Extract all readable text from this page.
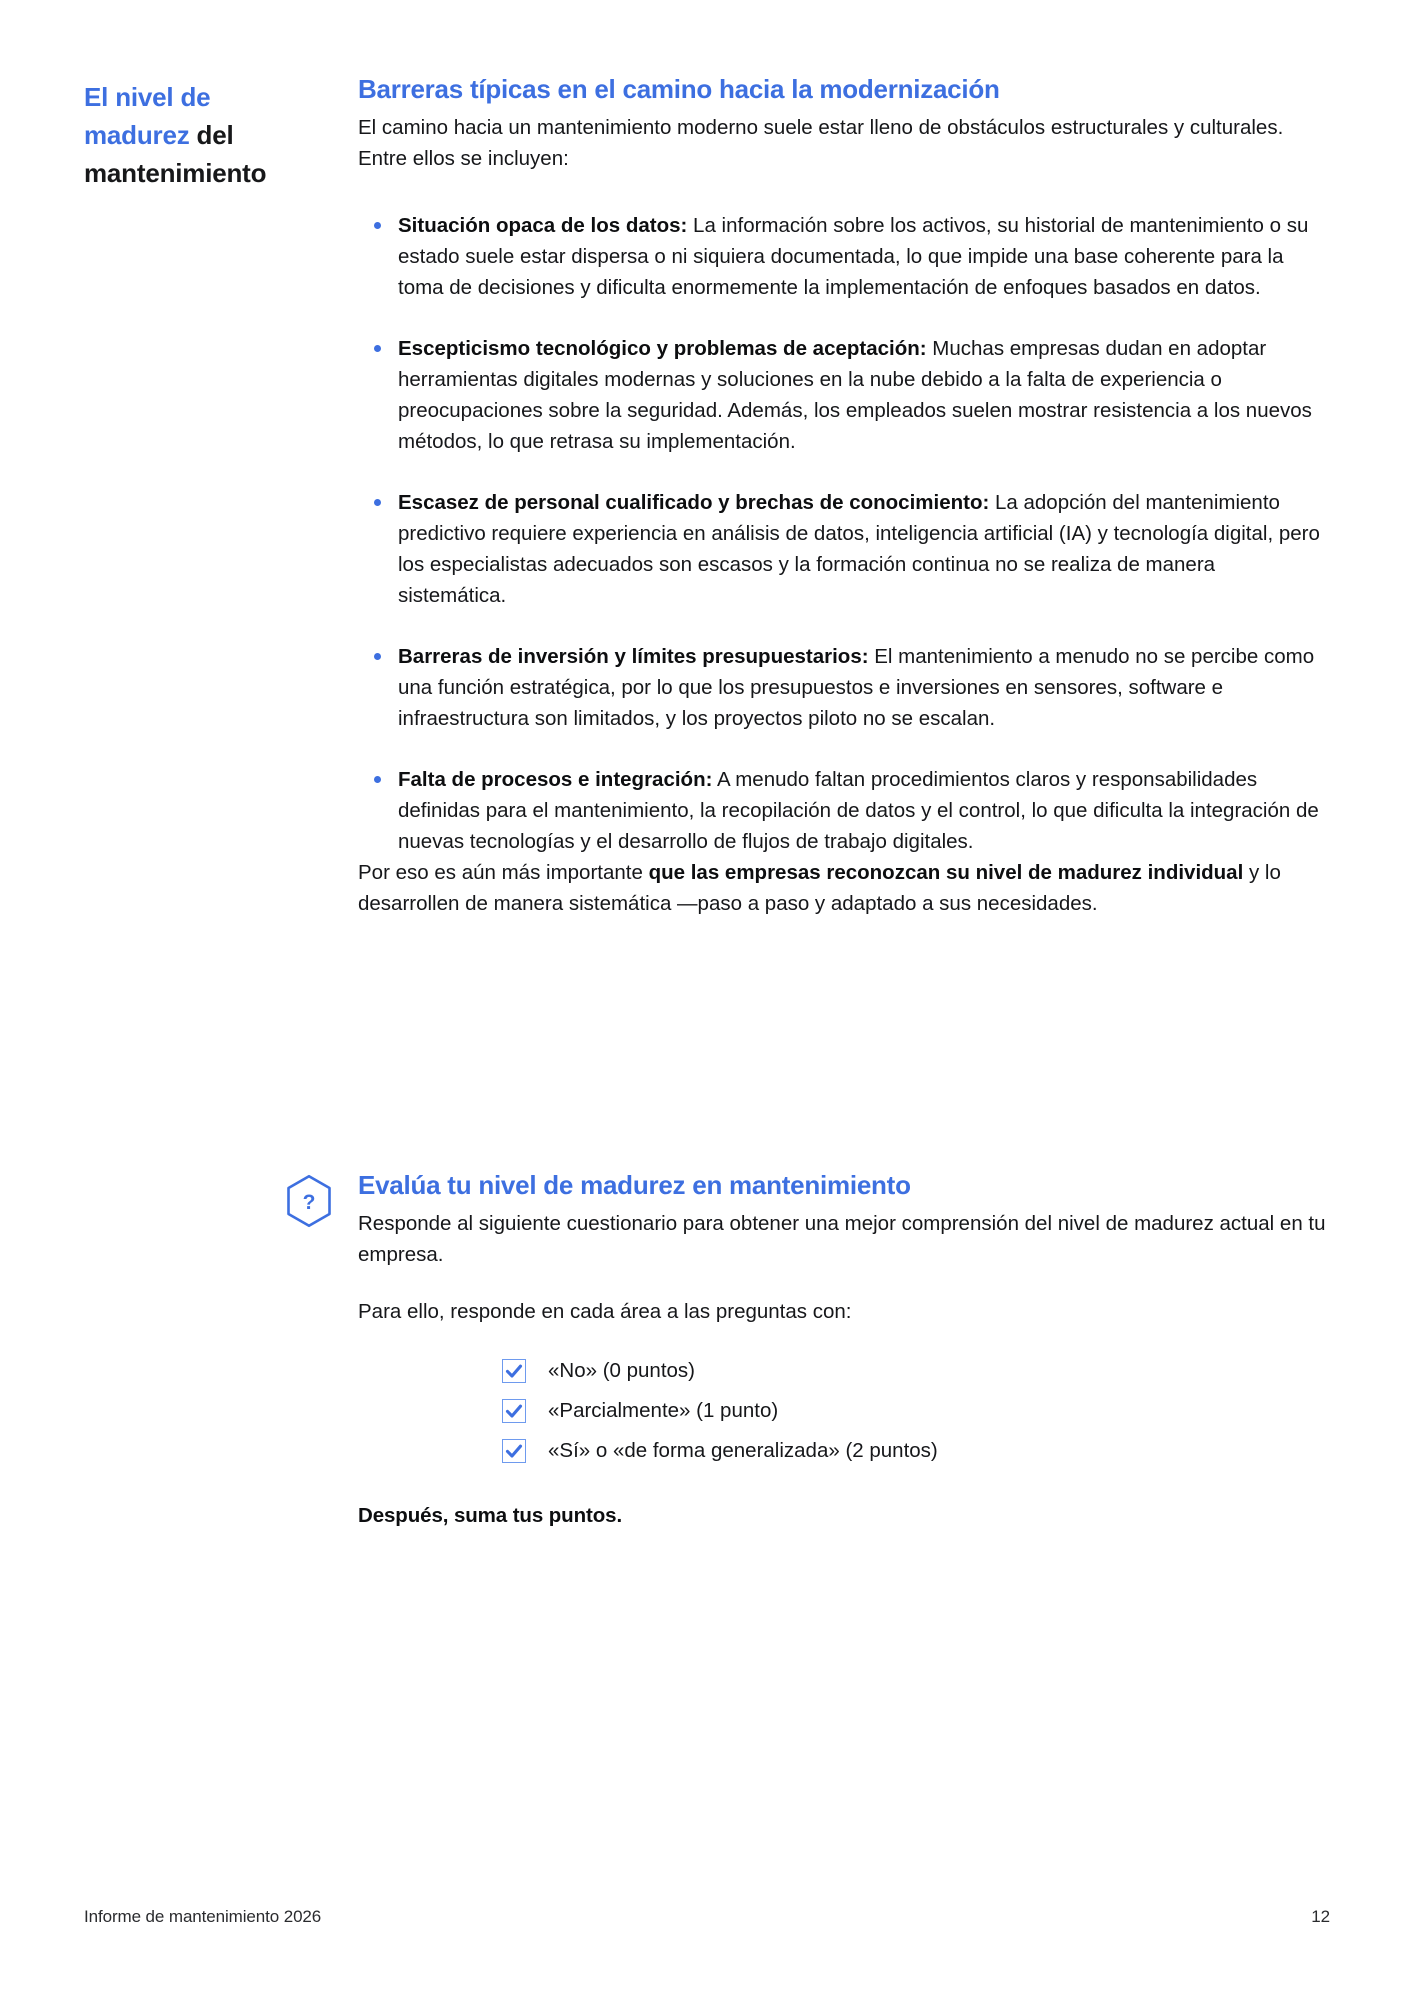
El nivel de
madurez del
mantenimiento
Barreras típicas en el camino hacia la modernización

El camino hacia un mantenimiento moderno suele estar lleno de obstáculos estructurales y culturales. Entre ellos se incluyen:

Situación opaca de los datos: La información sobre los activos, su historial de mantenimiento o su estado suele estar dispersa o ni siquiera documentada, lo que impide una base coherente para la toma de decisiones y dificulta enormemente la implementación de enfoques basados en datos.
Escepticismo tecnológico y problemas de aceptación: Muchas empresas dudan en adoptar herramientas digitales modernas y soluciones en la nube debido a la falta de experiencia o preocupaciones sobre la seguridad. Además, los empleados suelen mostrar resistencia a los nuevos métodos, lo que retrasa su implementación.
Escasez de personal cualificado y brechas de conocimiento: La adopción del mantenimiento predictivo requiere experiencia en análisis de datos, inteligencia artificial (IA) y tecnología digital, pero los especialistas adecuados son escasos y la formación continua no se realiza de manera sistemática.
Barreras de inversión y límites presupuestarios: El mantenimiento a menudo no se percibe como una función estratégica, por lo que los presupuestos e inversiones en sensores, software e infraestructura son limitados, y los proyectos piloto no se escalan.
Falta de procesos e integración: A menudo faltan procedimientos claros y responsabilidades definidas para el mantenimiento, la recopilación de datos y el control, lo que dificulta la integración de nuevas tecnologías y el desarrollo de flujos de trabajo digitales.

Por eso es aún más importante que las empresas reconozcan su nivel de madurez individual y lo desarrollen de manera sistemática —paso a paso y adaptado a sus necesidades.

?
Evalúa tu nivel de madurez en mantenimiento

Responde al siguiente cuestionario para obtener una mejor comprensión del nivel de madurez actual en tu empresa.

Para ello, responde en cada área a las preguntas con:

«No» (0 puntos)
«Parcialmente» (1 punto)
«Sí» o «de forma generalizada» (2 puntos)

Después, suma tus puntos.

Informe de mantenimiento 2026	12
